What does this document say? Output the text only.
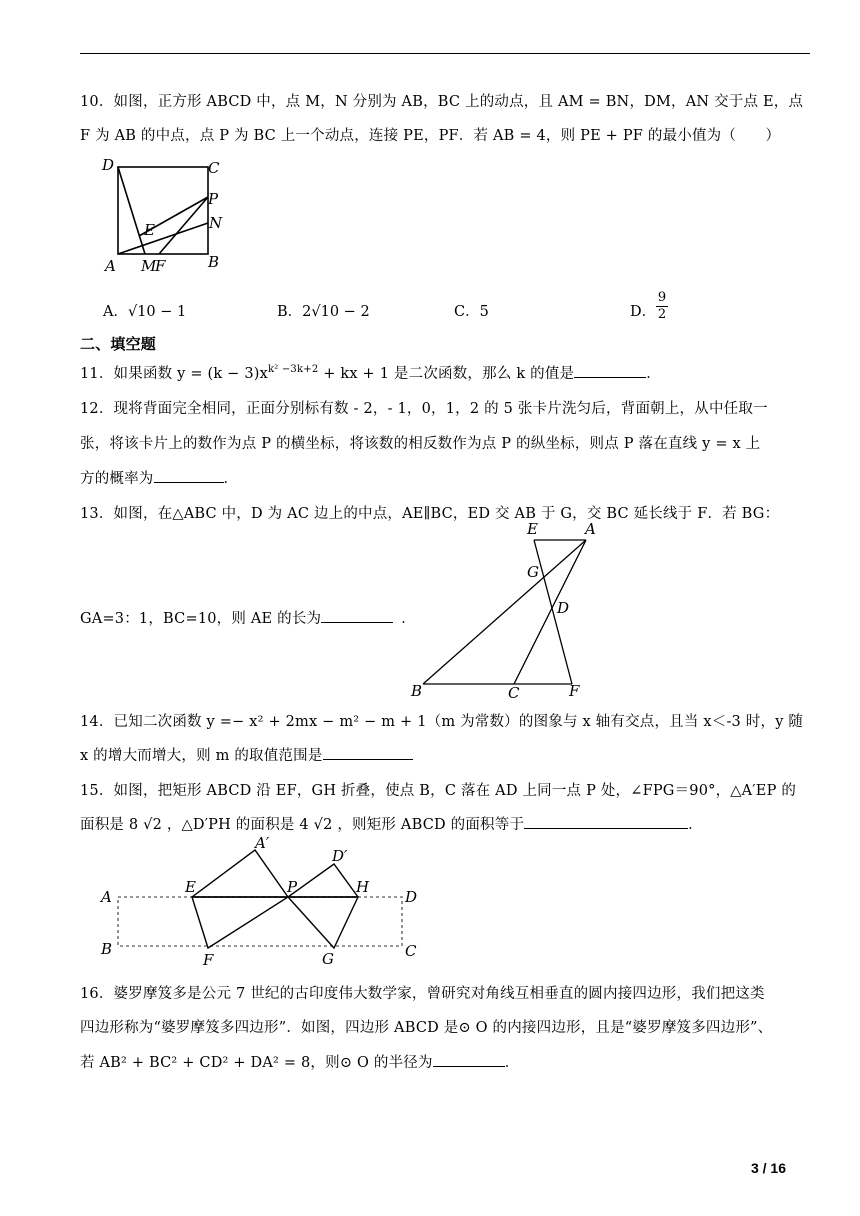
10．如图，正方形 ABCD 中，点 M，N 分别为 AB，BC 上的动点，且 AM = BN，DM，AN 交于点 E，点
F 为 AB 的中点，点 P 为 BC 上一个动点，连接 PE，PF．若 AB = 4，则 PE + PF 的最小值为（　　）
D	C
P
N
E
A M
F	B
A．√10 − 1	B．2√10 − 2	C．5	D．
9
2
二、填空题
11．如果函数 $y = (k - 3)x^{k^2 -3k+2}$ + kx + 1 是二次函数，那么 k 的值是	．
12．现将背面完全相同，正面分别标有数 - 2，- 1，0，1，2 的 5 张卡片洗匀后，背面朝上，从中任取一
张，将该卡片上的数作为点 P 的横坐标，将该数的相反数作为点 P 的纵坐标，则点 P 落在直线 y = x 上
方的概率为	．
13．如图，在△ABC 中，D 为 AC 边上的中点，AE∥BC，ED 交 AB 于 G，交 BC 延长线于 F．若 BG：
GA=3：1，BC=10，则 AE 的长为	．
E	A
G
D
B	C	F
14．已知二次函数 y =− x² + 2mx − m² − m + 1（m 为常数）的图象与 x 轴有交点，且当 x＜-3 时，y 随
x 的增大而增大，则 m 的取值范围是
15．如图，把矩形 ABCD 沿 EF，GH 折叠，使点 B，C 落在 AD 上同一点 P 处，∠FPG＝90°，△A′EP 的
面积是 8 √2 ，△D′PH 的面积是 4 √2 ，则矩形 ABCD 的面积等于	．
A′
D′
A
E	P	H
D
B
F	G	C
16．婆罗摩笈多是公元 7 世纪的古印度伟大数学家，曾研究对角线互相垂直的圆内接四边形，我们把这类
四边形称为“婆罗摩笈多四边形”．如图，四边形 ABCD 是⊙ O 的内接四边形，且是“婆罗摩笈多四边形”、
若 AB² + BC² + CD² + DA² = 8，则⊙ O 的半径为	．
3 / 16
